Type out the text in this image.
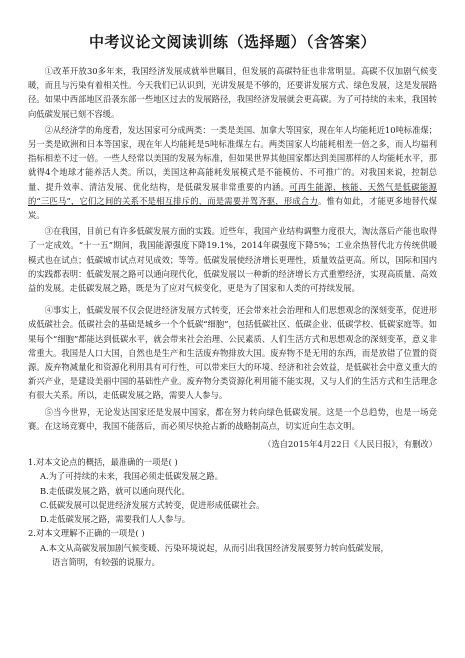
中考议论文阅读训练（选择题）（含答案）

①改革开放30多年来，我国经济发展成就举世瞩目，但发展的高碳特征也非常明显。高碳不仅加剧气候变暖，而且与污染有着相关性。今天我们已认识到，光讲发展是不够的，还要讲发展方式、绿色发展，这是发展路径。如果中西部地区沿袭东部一些地区过去的发展路径，我国经济发展就会更高碳。为了可持续的未来，我国转向低碳发展已刻不容缓。

②从经济学的角度看，发达国家可分成两类：一类是美国、加拿大等国家，现在年人均能耗近10吨标准煤；另一类是欧洲和日本等国家，现在年人均能耗是5吨标准煤左右。两类国家人均能耗相差一倍之多，而人均福利指标相差不过一倍。一些人经常以美国的发展为标准，但如果世界其他国家都达到美国那样的人均能耗水平，那就得4个地球才能养活人类。所以，美国这种高能耗发展模式是不能模仿、不可推广的。对我国来说，控制总量、提升效率、清洁发展、优化结构，是低碳发展非常重要的内涵。可再生能源、核能、天然气是低碳能源的“三匹马”，它们之间的关系不是相互排斥的，而是需要并驾齐驱，形成合力。惟有如此，才能更多地替代煤炭。

③在我国，目前已有许多低碳发展方面的实践。近些年，我国产业结构调整力度很大，淘汰落后产能也取得了一定成效。“十一五”期间，我国能源强度下降19.1%，2014年碳强度下降5%；工业余热替代北方传统供暖模式也在试点；低碳城市试点对见成效；等等。低碳发展使经济增长更理性，质量效益更高。所以，国际和国内的实践都表明：低碳发展之路可以通向现代化，低碳发展以一种新的经济增长方式重塑经济，实现高质量、高效益的发展。走低碳发展之路，既是为了应对气候变化，更是为了国家和人类的可持续发展。

④事实上，低碳发展不仅会促进经济发展方式转变，还会带来社会治理和人们思想观念的深刻变革，促进形成低碳社会。低碳社会的基础是城乡一个个低碳“细胞”，包括低碳社区、低碳企业、低碳学校、低碳家庭等。如果每个“细胞”都能达到低碳水平，就会带来社会治理、公民素质、人们生活方式和思想观念的深刻变革，意义非常重大。我国是人口大国，自然也是生产和生活废弃物排放大国。废弃物不是无用的东西，而是放错了位置的资源。废弃物减量化和资源化利用具有可行性，可以带来巨大的环境、经济和社会效益，是低碳社会中意义重大的新兴产业，是建设美丽中国的基础性产业。废弃物分类资源化利用能不能实现，又与人们的生活方式和生活理念有很大关系。所以，走低碳发展之路，需要人人参与。

⑤当今世界，无论发达国家还是发展中国家，都在努力转向绿色低碳发展。这是一个总趋势，也是一场竞赛。在这场竞赛中，我国不能落后，而必须尽快抢占新的战略制高点，切实近向生态文明。

（选自2015年4月22日《人民日报》，有删改）

1.对本文论点的概括，最准确的一项是( )

A.为了可持续的未来，我国必须走低碳发展之路。

B.走低碳发展之路，就可以通向现代化。

C.低碳发展可以促进经济发展方式转变，促进形成低碳社会。

D.走低碳发展之路，需要我们人人参与。

2.对本文理解不正确的一项是( )

A.本文从高碳发展加剧气候变暖、污染环境说起，从而引出我国经济发展要努力转向低碳发展，

语言简明，有较强的说服力。
